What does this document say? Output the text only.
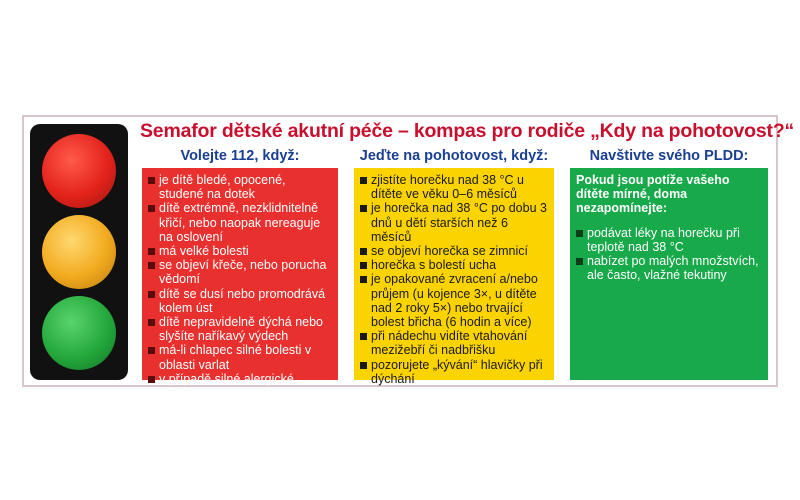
Semafor dětské akutní péče – kompas pro rodiče „Kdy na pohotovost?“
Volejte 112, když:	Jeďte na pohotovost, když:	Navštivte svého PLDD:
je dítě bledé, opocené, studené na dotek
dítě extrémně, nezklidnitelně křičí, nebo naopak nereaguje na oslovení
má velké bolesti
se objeví křeče, nebo porucha vědomí
dítě se dusí nebo promodrává kolem úst
dítě nepravidelně dýchá nebo slyšíte naříkavý výdech
má-li chlapec silné bolesti v oblasti varlat
v případě silné alergické reakce
zjistíte horečku nad 38 °C u dítěte ve věku 0–6 měsíců
je horečka nad 38 °C po dobu 3 dnů u dětí starších než 6 měsíců
se objeví horečka se zimnicí
horečka s bolestí ucha
je opakované zvracení a/nebo průjem (u kojence 3×, u dítěte nad 2 roky 5×) nebo trvající bolest břicha (6 hodin a více)
při nádechu vidíte vtahování mezižebří či nadbřišku
pozorujete „kývání“ hlavičky při dýchání
Pokud jsou potíže vašeho dítěte mírné, doma nezapomínejte:
podávat léky na horečku při teplotě nad 38 °C
nabízet po malých množstvích, ale často, vlažné tekutiny
